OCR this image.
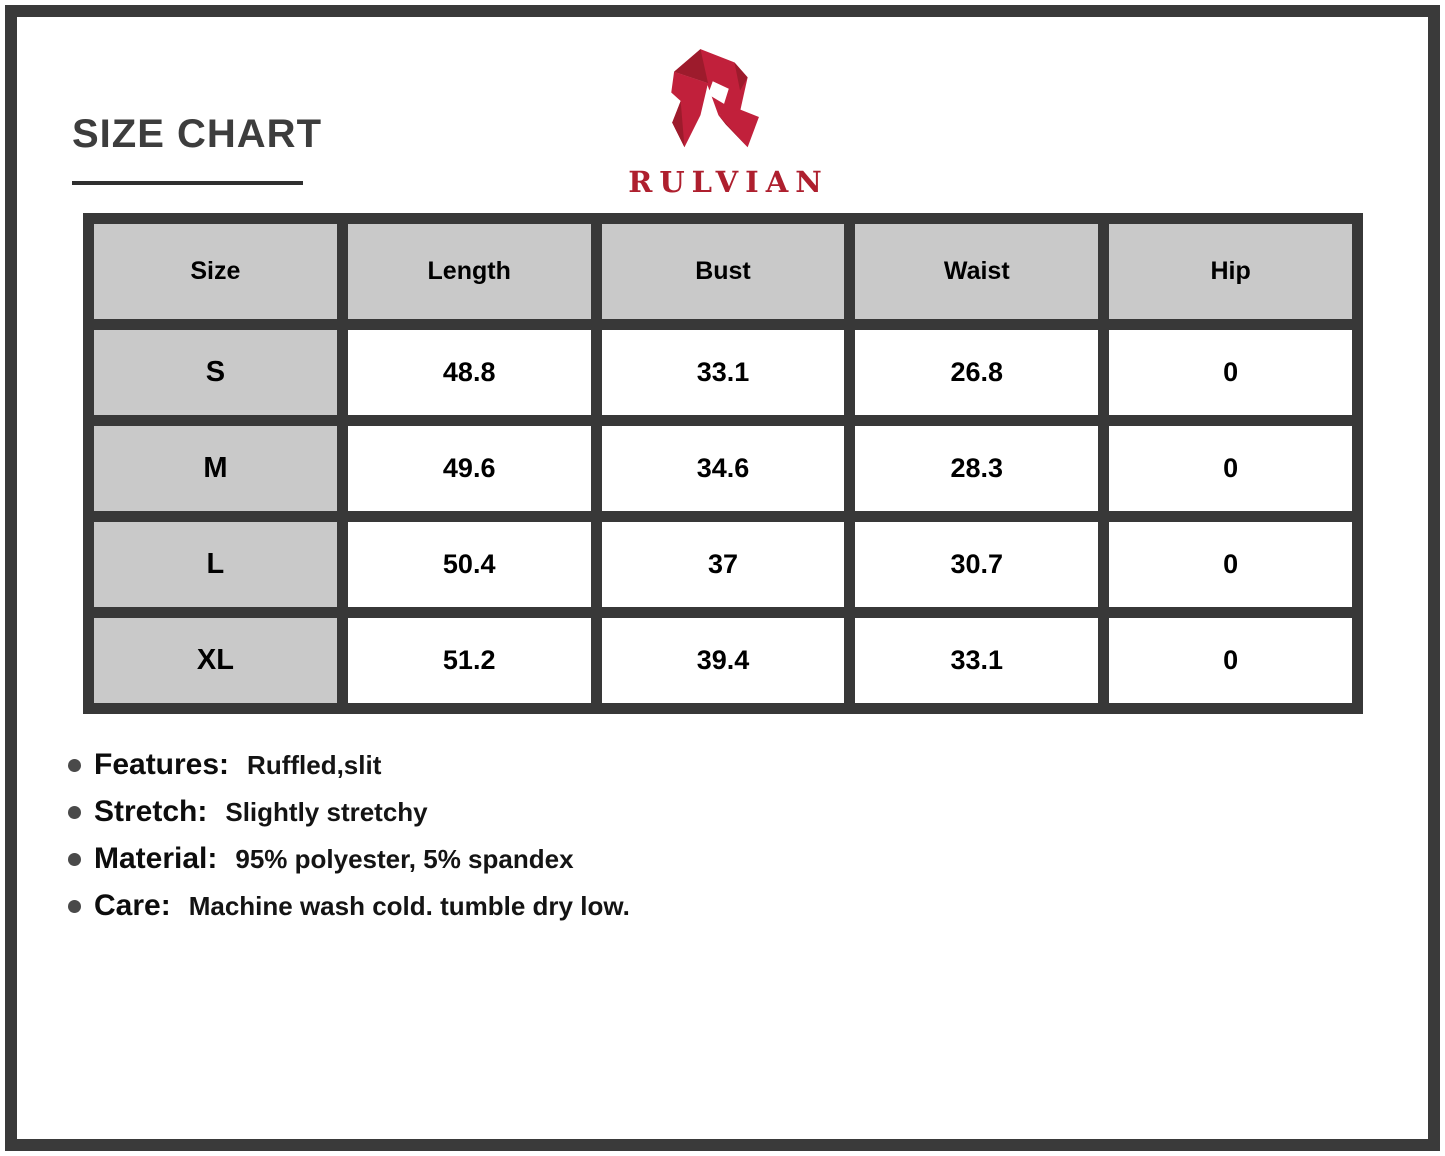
SIZE CHART
RULVIAN
Size	Length	Bust	Waist	Hip
S	48.8	33.1	26.8	0
M	49.6	34.6	28.3	0
L	50.4	37	30.7	0
XL	51.2	39.4	33.1	0
Features: Ruffled,slit
Stretch: Slightly stretchy
Material: 95% polyester, 5% spandex
Care: Machine wash cold. tumble dry low.
